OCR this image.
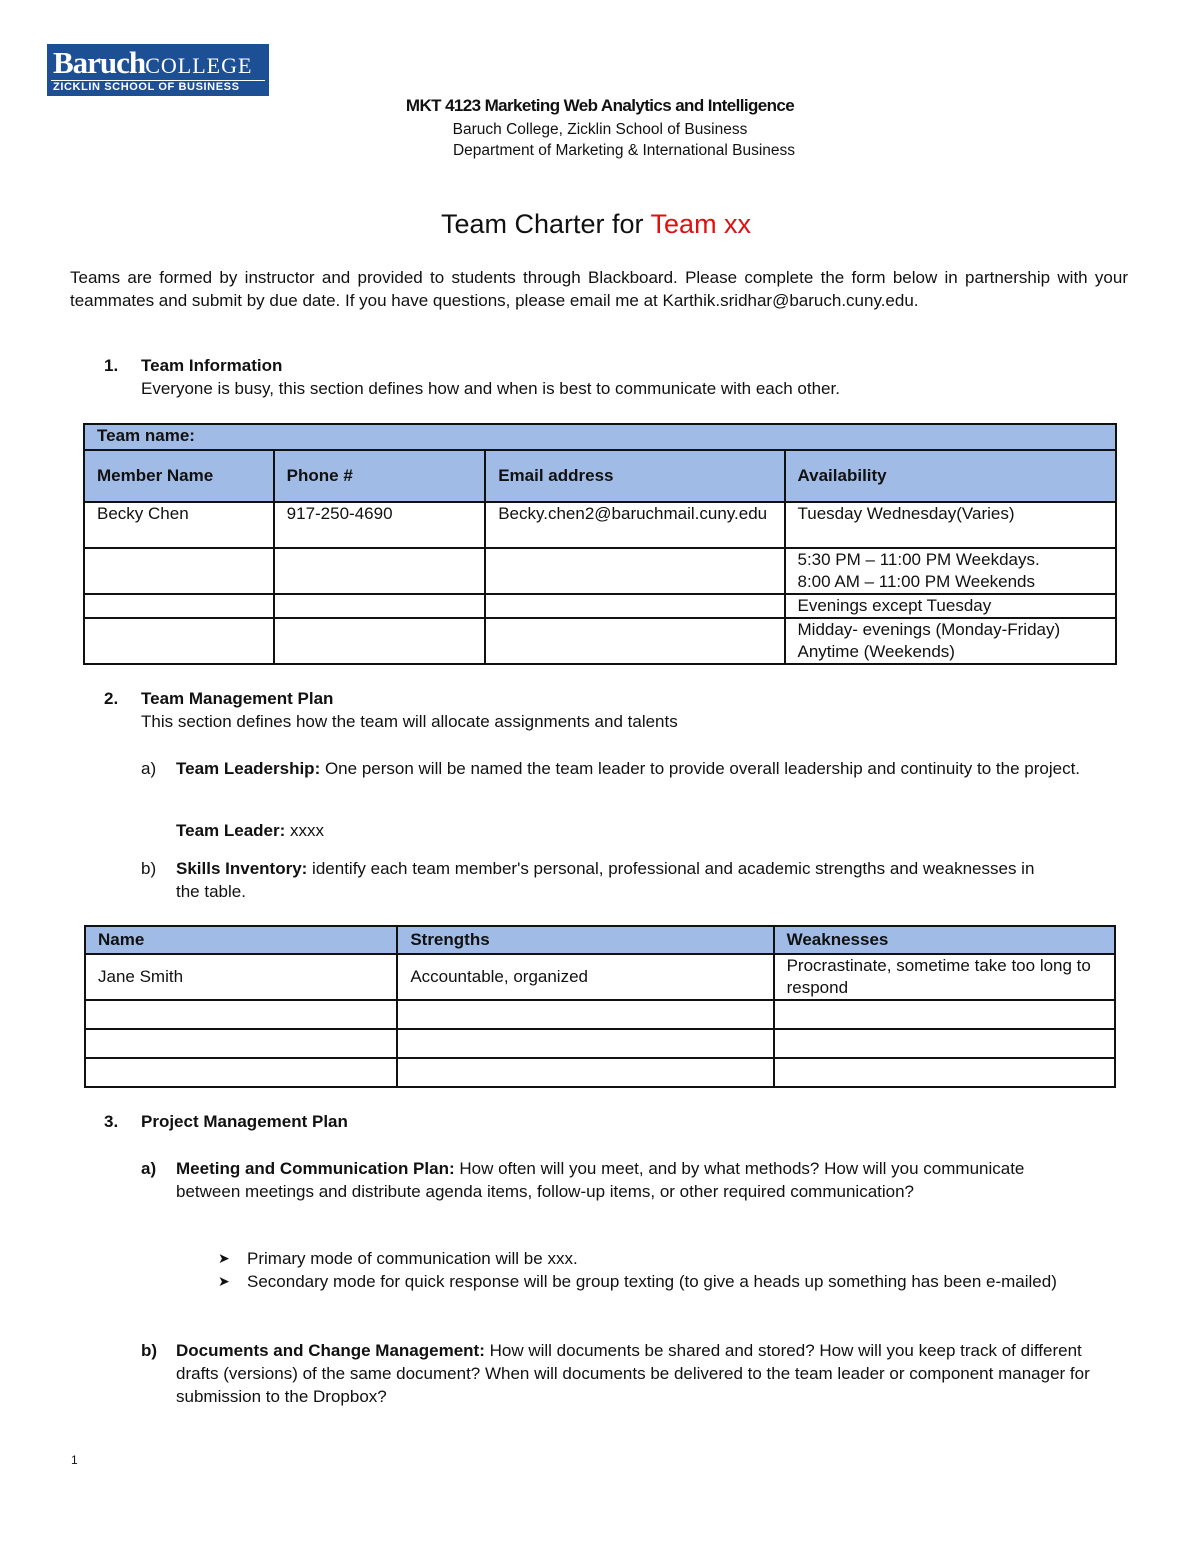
BaruchCOLLEGE
ZICKLIN SCHOOL OF BUSINESS
MKT 4123 Marketing Web Analytics and Intelligence
Baruch College, Zicklin School of Business
Department of Marketing & International Business
Team Charter for Team xx
Teams are formed by instructor and provided to students through Blackboard. Please complete the form below in partnership with your teammates and submit by due date. If you have questions, please email me at Karthik.sridhar@baruch.cuny.edu.
1. Team Information
Everyone is busy, this section defines how and when is best to communicate with each other.
Team name:			
Member Name	Phone #	Email address	Availability
Becky Chen	917-250-4690	Becky.chen2@baruchmail.cuny.edu	Tuesday Wednesday(Varies)
			5:30 PM – 11:00 PM Weekdays.
8:00 AM – 11:00 PM Weekends
			Evenings except Tuesday
			Midday- evenings (Monday-Friday)
Anytime (Weekends)
2. Team Management Plan
This section defines how the team will allocate assignments and talents
a)	Team Leadership: One person will be named the team leader to provide overall leadership and continuity to the project.
Team Leader: xxxx
b)	Skills Inventory: identify each team member's personal, professional and academic strengths and weaknesses in the table.
Name	Strengths	Weaknesses
Jane Smith	Accountable, organized	Procrastinate, sometime take too long to respond

3. Project Management Plan
a)	Meeting and Communication Plan: How often will you meet, and by what methods? How will you communicate between meetings and distribute agenda items, follow-up items, or other required communication?
➤ Primary mode of communication will be xxx.
➤ Secondary mode for quick response will be group texting (to give a heads up something has been e-mailed)
b)	Documents and Change Management: How will documents be shared and stored? How will you keep track of different drafts (versions) of the same document? When will documents be delivered to the team leader or component manager for submission to the Dropbox?
1
